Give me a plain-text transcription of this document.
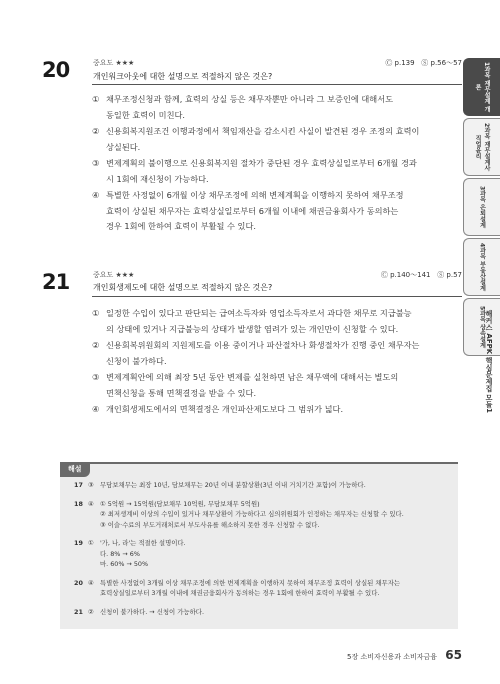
20	중요도 ★★★	Ⓒ p.139 Ⓢ p.56～57
개인워크아웃에 대한 설명으로 적절하지 않은 것은?
① 채무조정신청과 함께, 효력의 상실 등은 채무자뿐만 아니라 그 보증인에 대해서도
동일한 효력이 미친다.
② 신용회복지원조건 이행과정에서 책임재산을 감소시킨 사실이 발견된 경우 조정의 효력이
상실된다.
③ 변제계획의 불이행으로 신용회복지원 절차가 중단된 경우 효력상실일로부터 6개월 경과
시 1회에 재신청이 가능하다.
④ 특별한 사정없이 6개월 이상 채무조정에 의해 변제계획을 이행하지 못하여 채무조정
효력이 상실된 채무자는 효력상실일로부터 6개월 이내에 채권금융회사가 동의하는
경우 1회에 한하여 효력이 부활될 수 있다.
21	중요도 ★★★	Ⓒ p.140～141 Ⓢ p.57
개인회생제도에 대한 설명으로 적절하지 않은 것은?
① 일정한 수입이 있다고 판단되는 급여소득자와 영업소득자로서 과다한 채무로 지급불능
의 상태에 있거나 지급불능의 상태가 발생할 염려가 있는 개인만이 신청할 수 있다.
② 신용회복위원회의 지원제도를 이용 중이거나 파산절차나 화생절차가 진행 중인 채무자는
신청이 불가하다.
③ 변제계획안에 의해 최장 5년 동안 변제를 실천하면 남은 채무액에 대해서는 별도의
면책신청을 통해 면책결정을 받을 수 있다.
④ 개인회생제도에서의 면책결정은 개인파산제도보다 그 범위가 넓다.
1과목 재무설계 개론
2과목 재무설계사 직업윤리
3과목 은퇴설계
4과목 부동산설계
5과목 상속설계 해커스 AFPK 핵심문제집 모듈1
해설
17 ③ 무담보채무는 최장 10년, 담보채무는 20년 이내 분할상환(3년 이내 거치기간 포함)이 가능하다.
18 ④ ① 5억원 → 15억원(담보채무 10억원, 무담보채무 5억원)
② 최저생계비 이상의 수입이 있거나 채무상환이 가능하다고 심의위원회가 인정하는 채무자는 신청할 수 있다.
③ 이슬·수료의 부도거래처로서 부도사유를 해소하지 못한 경우 신청할 수 없다.
19 ① '가, 나, 라'는 적절한 설명이다.
다. 8% → 6%
마. 60% → 50%
20 ④ 특별한 사정없이 3개월 이상 채무조정에 의한 변제계획을 이행하지 못하여 채무조정 효력이 상실된 채무자는
효력상실일로부터 3개월 이내에 채권금융회사가 동의하는 경우 1회에 한하여 효력이 부활될 수 있다.
21 ② 신청이 불가하다. → 신청이 가능하다.
5장 소비자신용과 소비자금융 65
